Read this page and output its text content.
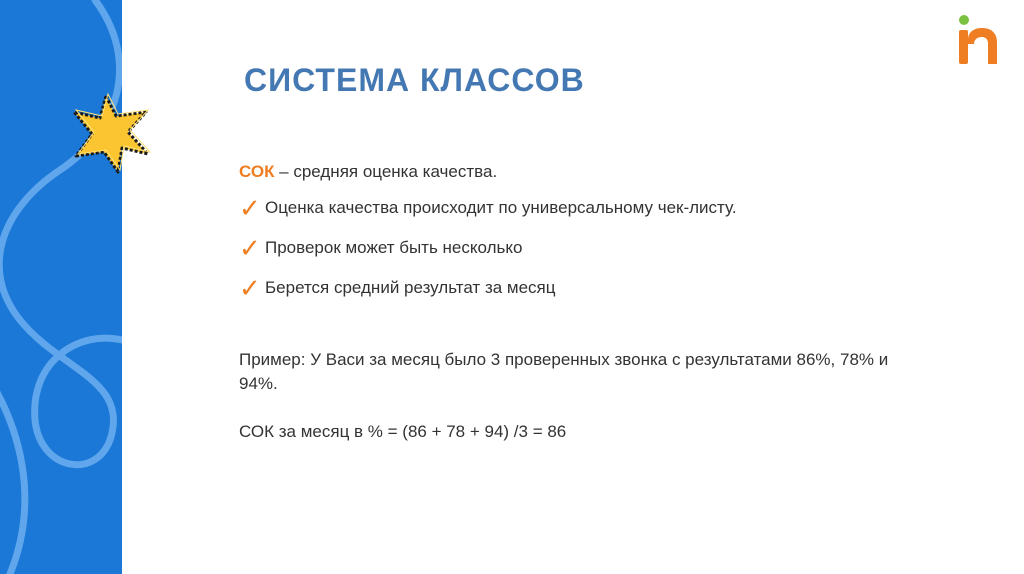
СИСТЕМА КЛАССОВ
СОК – средняя оценка качества.
✓ Оценка качества происходит по универсальному чек-листу.
✓ Проверок может быть несколько
✓ Берется средний результат за месяц
Пример: У Васи за месяц было 3 проверенных звонка с результатами 86%, 78% и 94%.
СОК за месяц в % = (86 + 78 + 94) /3 = 86
